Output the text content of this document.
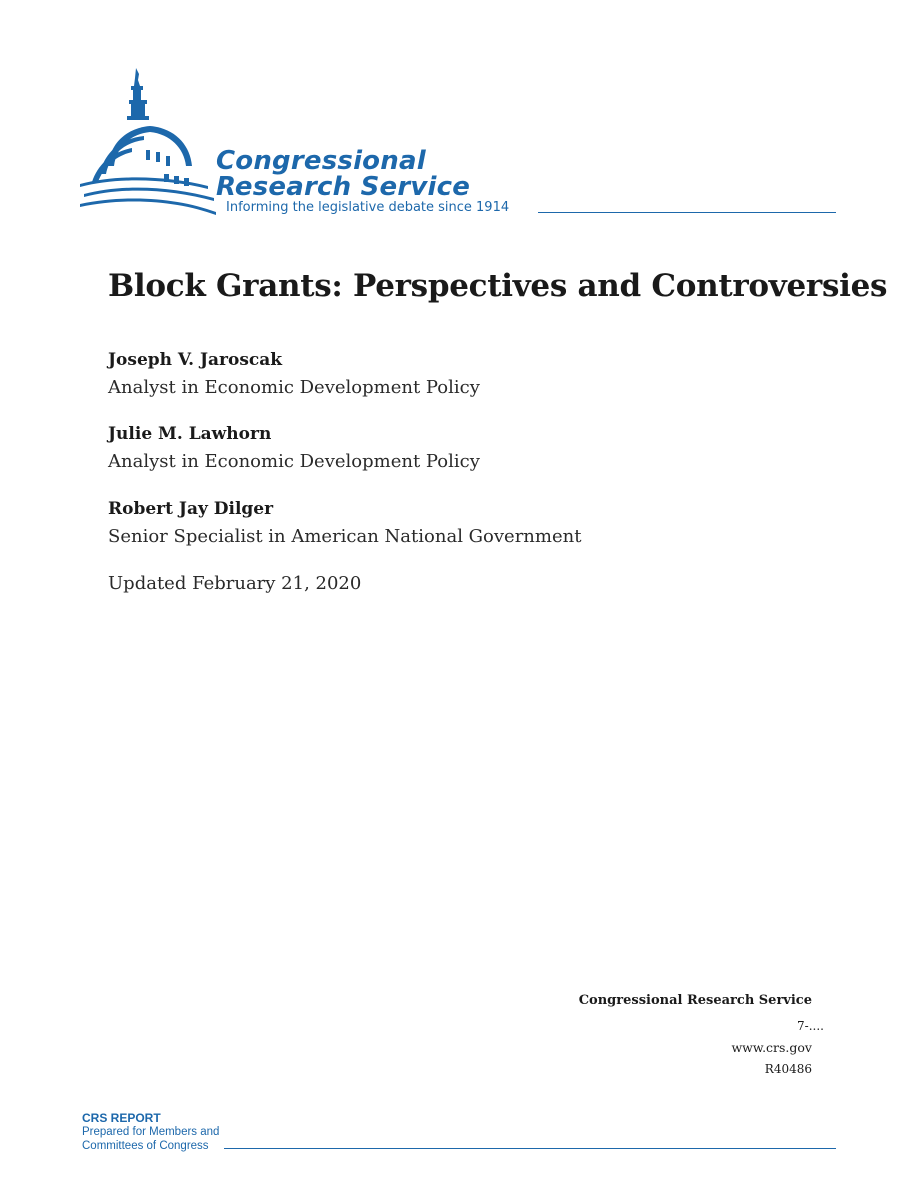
Congressional
Research Service
Informing the legislative debate since 1914
Block Grants: Perspectives and Controversies
Joseph V. Jaroscak
Analyst in Economic Development Policy
Julie M. Lawhorn
Analyst in Economic Development Policy
Robert Jay Dilger
Senior Specialist in American National Government
Updated February 21, 2020
Congressional Research Service
7-....
www.crs.gov
R40486
CRS REPORT
Prepared for Members and
Committees of Congress
